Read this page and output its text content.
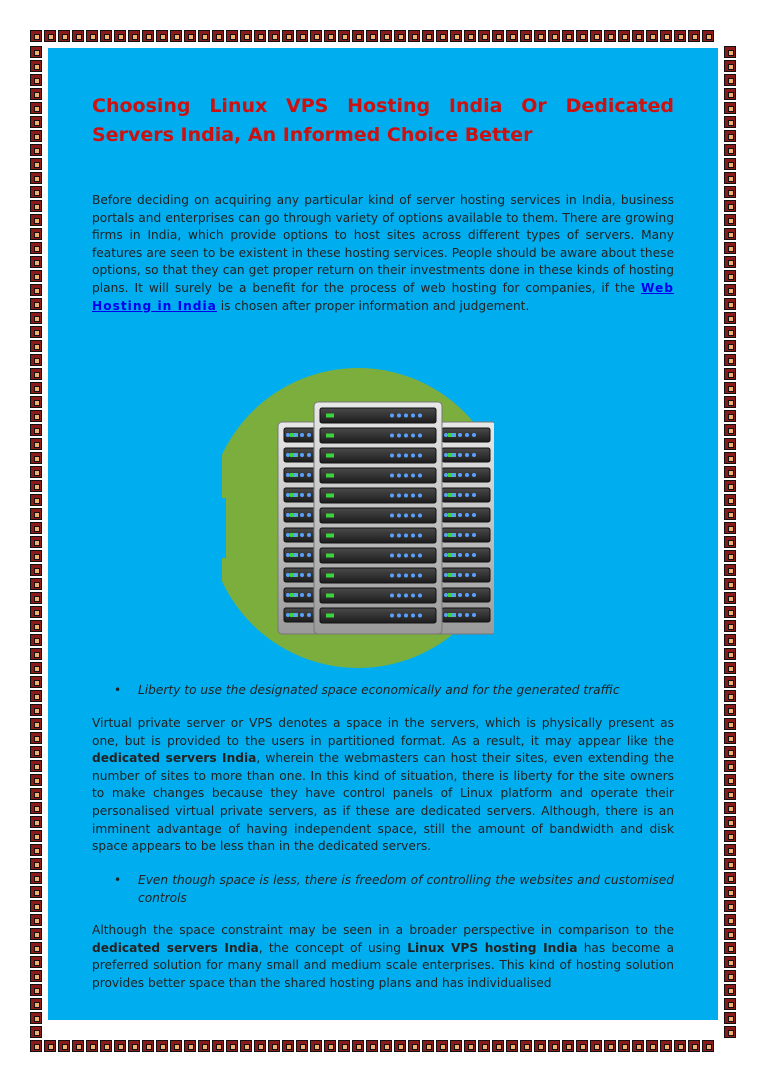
Choosing Linux VPS Hosting India Or Dedicated Servers India, An Informed Choice Better

Before deciding on acquiring any particular kind of server hosting services in India, business portals and enterprises can go through variety of options available to them. There are growing firms in India, which provide options to host sites across different types of servers. Many features are seen to be existent in these hosting services. People should be aware about these options, so that they can get proper return on their investments done in these kinds of hosting plans. It will surely be a benefit for the process of web hosting for companies, if the Web Hosting in India is chosen after proper information and judgement.

• Liberty to use the designated space economically and for the generated traffic

Virtual private server or VPS denotes a space in the servers, which is physically present as one, but is provided to the users in partitioned format. As a result, it may appear like the dedicated servers India, wherein the webmasters can host their sites, even extending the number of sites to more than one. In this kind of situation, there is liberty for the site owners to make changes because they have control panels of Linux platform and operate their personalised virtual private servers, as if these are dedicated servers. Although, there is an imminent advantage of having independent space, still the amount of bandwidth and disk space appears to be less than in the dedicated servers.

• Even though space is less, there is freedom of controlling the websites and customised controls

Although the space constraint may be seen in a broader perspective in comparison to the dedicated servers India, the concept of using Linux VPS hosting India has become a preferred solution for many small and medium scale enterprises. This kind of hosting solution provides better space than the shared hosting plans and has individualised
